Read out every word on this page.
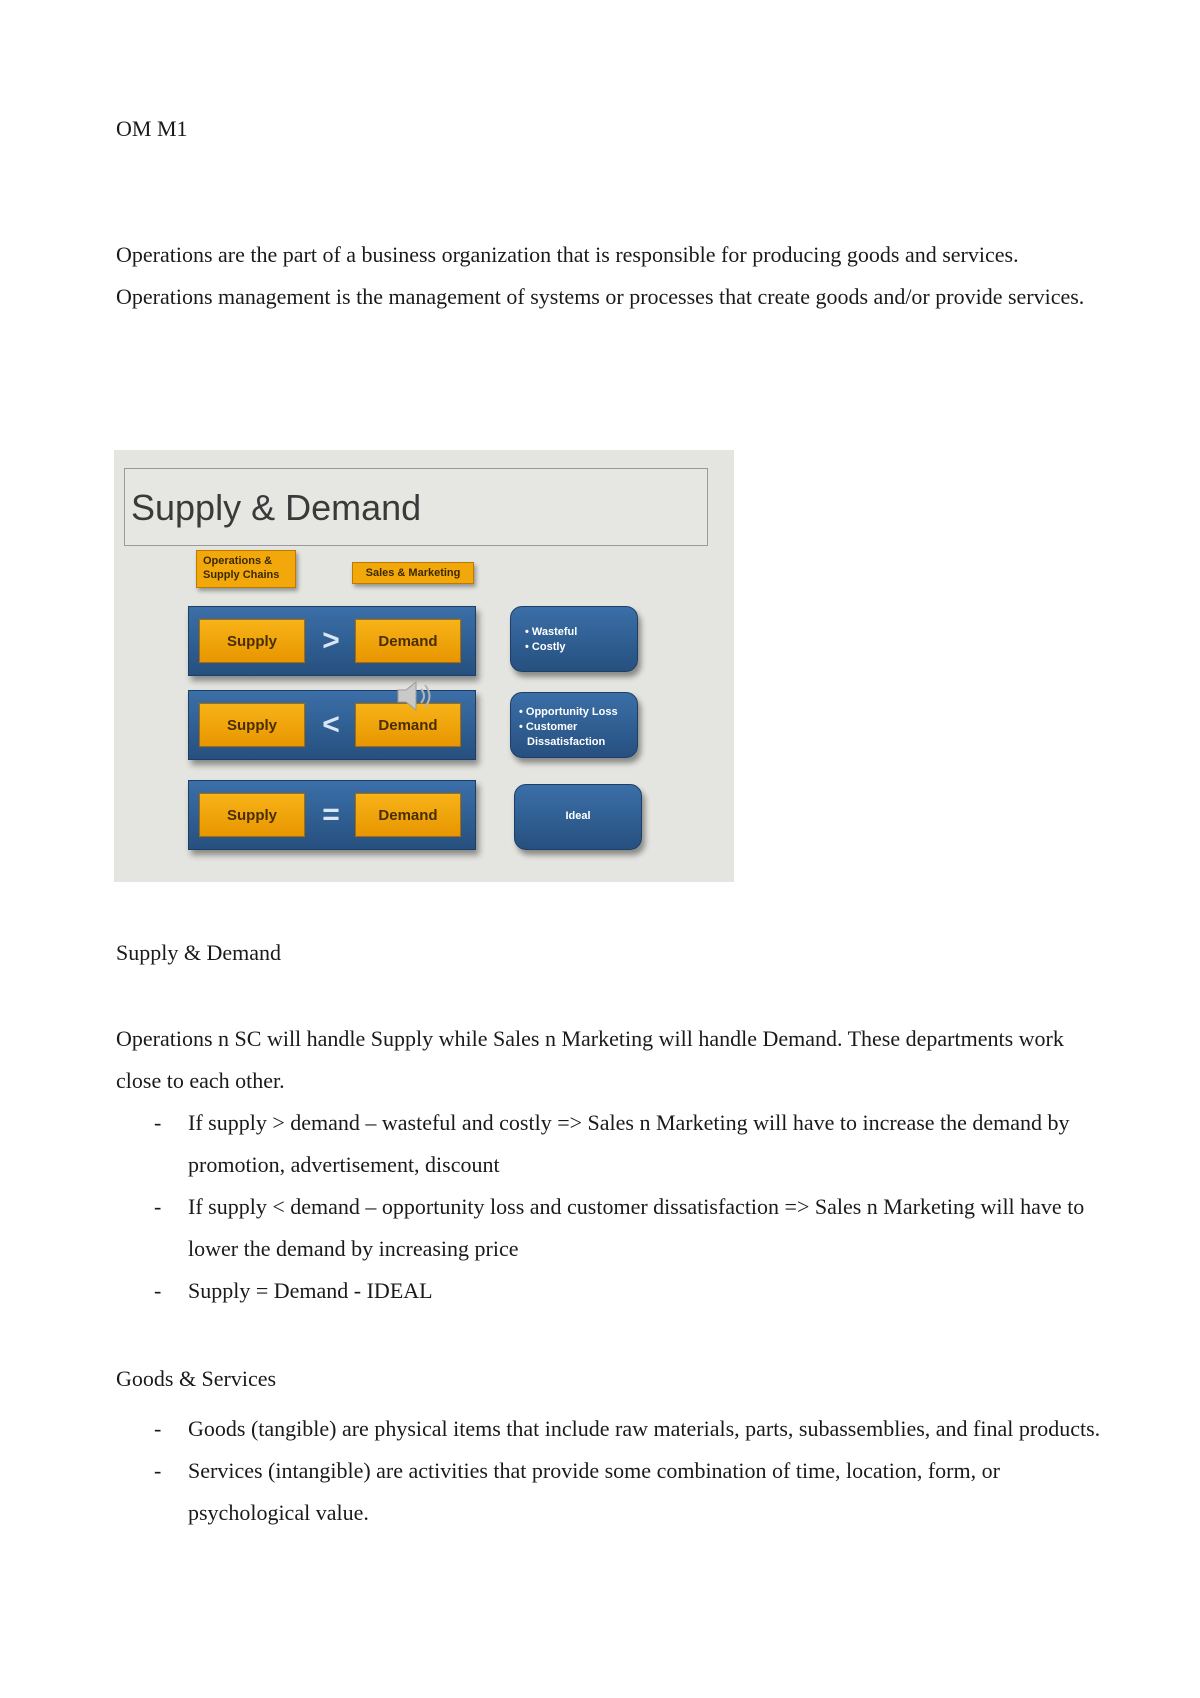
OM M1
Operations are the part of a business organization that is responsible for producing goods and services.
Operations management is the management of systems or processes that create goods and/or provide services.
Supply & Demand
Operations &
Supply Chains	Sales & Marketing
Supply	>	Demand
• Wasteful
• Costly
Supply	<	Demand
• Opportunity Loss
• Customer
Dissatisfaction
Supply	=	Demand	Ideal
Supply & Demand
Operations n SC will handle Supply while Sales n Marketing will handle Demand. These departments work close to each other.
- If supply > demand – wasteful and costly => Sales n Marketing will have to increase the demand by promotion, advertisement, discount
- If supply < demand – opportunity loss and customer dissatisfaction => Sales n Marketing will have to lower the demand by increasing price
- Supply = Demand - IDEAL
Goods & Services
- Goods (tangible) are physical items that include raw materials, parts, subassemblies, and final products.
- Services (intangible) are activities that provide some combination of time, location, form, or psychological value.
